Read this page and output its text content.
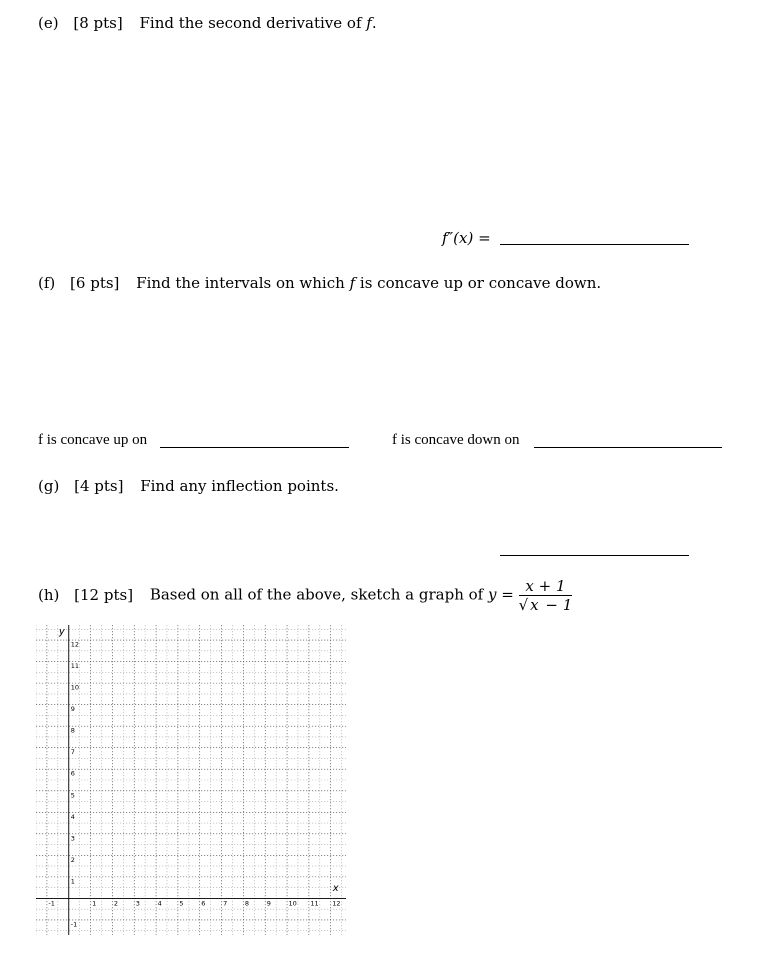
(e) [8 pts] Find the second derivative of f.
f″(x) =
(f) [6 pts] Find the intervals on which f is concave up or concave down.
f is concave up on	f is concave down on
(g) [4 pts] Find any inflection points.
(h) [12 pts] Based on all of the above, sketch a graph of $y = \frac{x + 1}{√ x - 1}$
-1	1	2	3	4	5	6	7	8	9	10 11 12
-1
1
2
3
4
5
6
7
8
9
10
11
12
x
y
